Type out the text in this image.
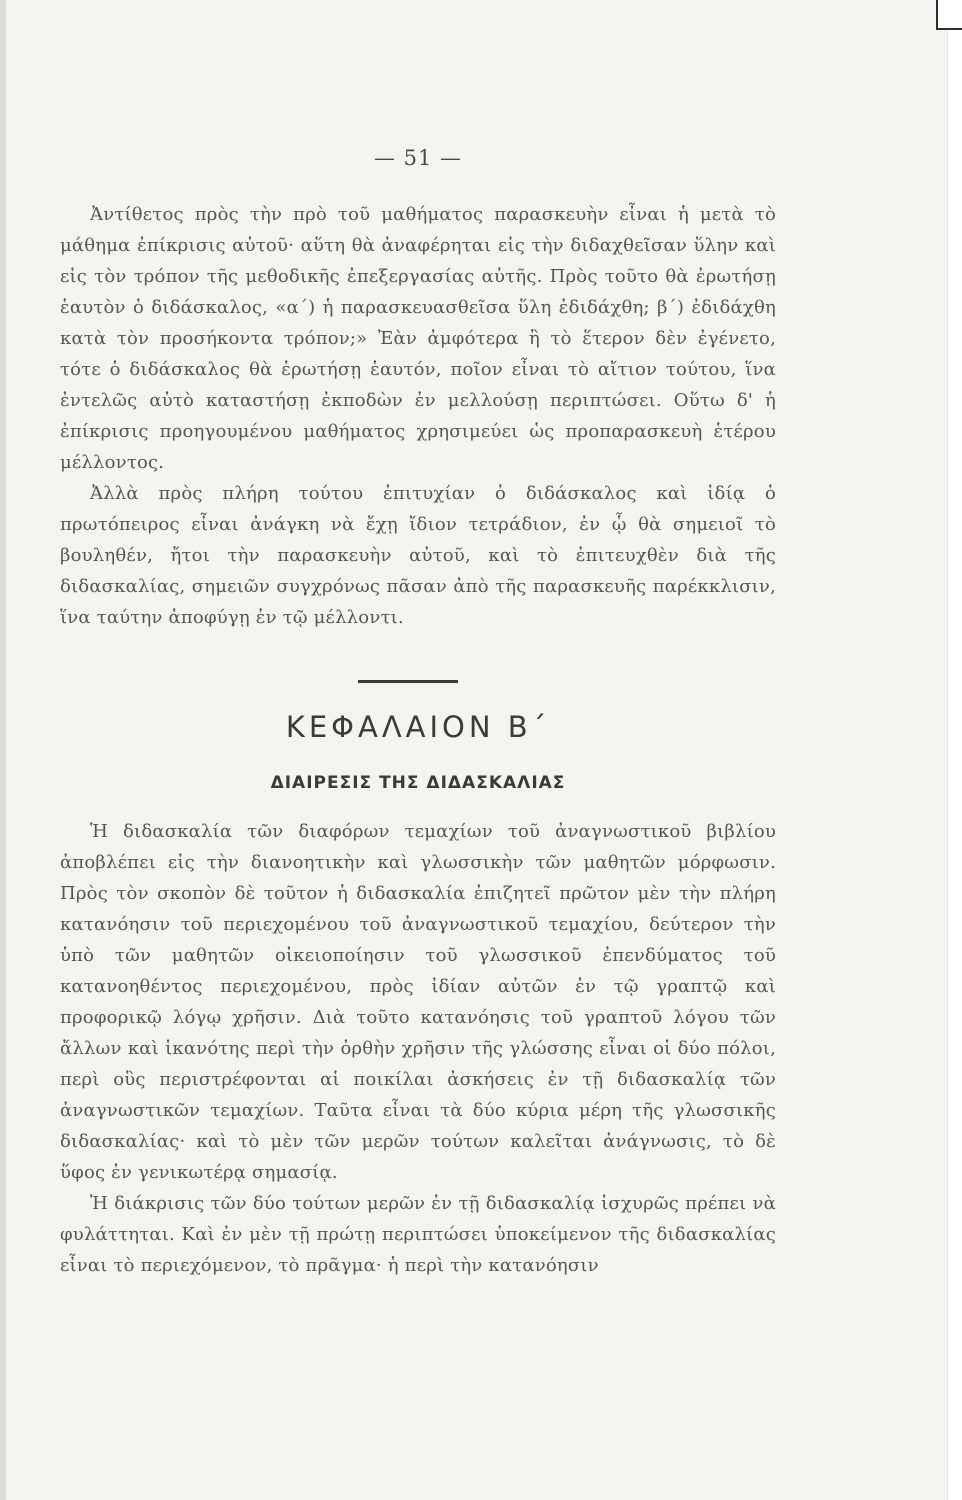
— 51 —

Ἀντίθετος πρὸς τὴν πρὸ τοῦ μαθήματος παρασκευὴν εἶναι ἡ μετὰ τὸ μάθημα ἐπίκρισις αὐτοῦ· αὕτη θὰ ἀναφέρηται εἰς τὴν διδαχθεῖσαν ὕλην καὶ εἰς τὸν τρόπον τῆς μεθοδικῆς ἐπεξεργασίας αὐτῆς. Πρὸς τοῦτο θὰ ἐρωτήσῃ ἑαυτὸν ὁ διδάσκαλος, «α΄) ἡ παρασκευασθεῖσα ὕλη ἐδιδάχθη; β΄) ἐδιδάχθη κατὰ τὸν προσήκοντα τρόπον;» Ἐὰν ἀμφότερα ἢ τὸ ἕτερον δὲν ἐγένετο, τότε ὁ διδάσκαλος θὰ ἐρωτήσῃ ἑαυτόν, ποῖον εἶναι τὸ αἴτιον τούτου, ἵνα ἐντελῶς αὐτὸ καταστήσῃ ἐκποδὼν ἐν μελλούσῃ περιπτώσει. Οὕτω δ' ἡ ἐπίκρισις προηγουμένου μαθήματος χρησιμεύει ὡς προπαρασκευὴ ἑτέρου μέλλοντος.

Ἀλλὰ πρὸς πλήρη τούτου ἐπιτυχίαν ὁ διδάσκαλος καὶ ἰδίᾳ ὁ πρωτόπειρος εἶναι ἀνάγκη νὰ ἔχῃ ἴδιον τετράδιον, ἐν ᾧ θὰ σημειοῖ τὸ βουληθέν, ἤτοι τὴν παρασκευὴν αὐτοῦ, καὶ τὸ ἐπιτευχθὲν διὰ τῆς διδασκαλίας, σημειῶν συγχρόνως πᾶσαν ἀπὸ τῆς παρασκευῆς παρέκκλισιν, ἵνα ταύτην ἀποφύγῃ ἐν τῷ μέλλοντι.

ΚΕΦΑΛΑΙΟΝ Β΄
ΔΙΑΙΡΕΣΙΣ ΤΗΣ ΔΙΔΑΣΚΑΛΙΑΣ

Ἡ διδασκαλία τῶν διαφόρων τεμαχίων τοῦ ἀναγνωστικοῦ βιβλίου ἀποβλέπει εἰς τὴν διανοητικὴν καὶ γλωσσικὴν τῶν μαθητῶν μόρφωσιν. Πρὸς τὸν σκοπὸν δὲ τοῦτον ἡ διδασκαλία ἐπιζητεῖ πρῶτον μὲν τὴν πλήρη κατανόησιν τοῦ περιεχομένου τοῦ ἀναγνωστικοῦ τεμαχίου, δεύτερον τὴν ὑπὸ τῶν μαθητῶν οἰκειοποίησιν τοῦ γλωσσικοῦ ἐπενδύματος τοῦ κατανοηθέντος περιεχομένου, πρὸς ἰδίαν αὐτῶν ἐν τῷ γραπτῷ καὶ προφορικῷ λόγῳ χρῆσιν. Διὰ τοῦτο κατανόησις τοῦ γραπτοῦ λόγου τῶν ἄλλων καὶ ἱκανότης περὶ τὴν ὀρθὴν χρῆσιν τῆς γλώσσης εἶναι οἱ δύο πόλοι, περὶ οὓς περιστρέφονται αἱ ποικίλαι ἀσκήσεις ἐν τῇ διδασκαλίᾳ τῶν ἀναγνωστικῶν τεμαχίων. Ταῦτα εἶναι τὰ δύο κύρια μέρη τῆς γλωσσικῆς διδασκαλίας· καὶ τὸ μὲν τῶν μερῶν τούτων καλεῖται ἀνάγνωσις, τὸ δὲ ὕφος ἐν γενικωτέρᾳ σημασίᾳ.

Ἡ διάκρισις τῶν δύο τούτων μερῶν ἐν τῇ διδασκαλίᾳ ἰσχυρῶς πρέπει νὰ φυλάττηται. Καὶ ἐν μὲν τῇ πρώτῃ περιπτώσει ὑποκείμενον τῆς διδασκαλίας εἶναι τὸ περιεχόμενον, τὸ πρᾶγμα· ἡ περὶ τὴν κατανόησιν
